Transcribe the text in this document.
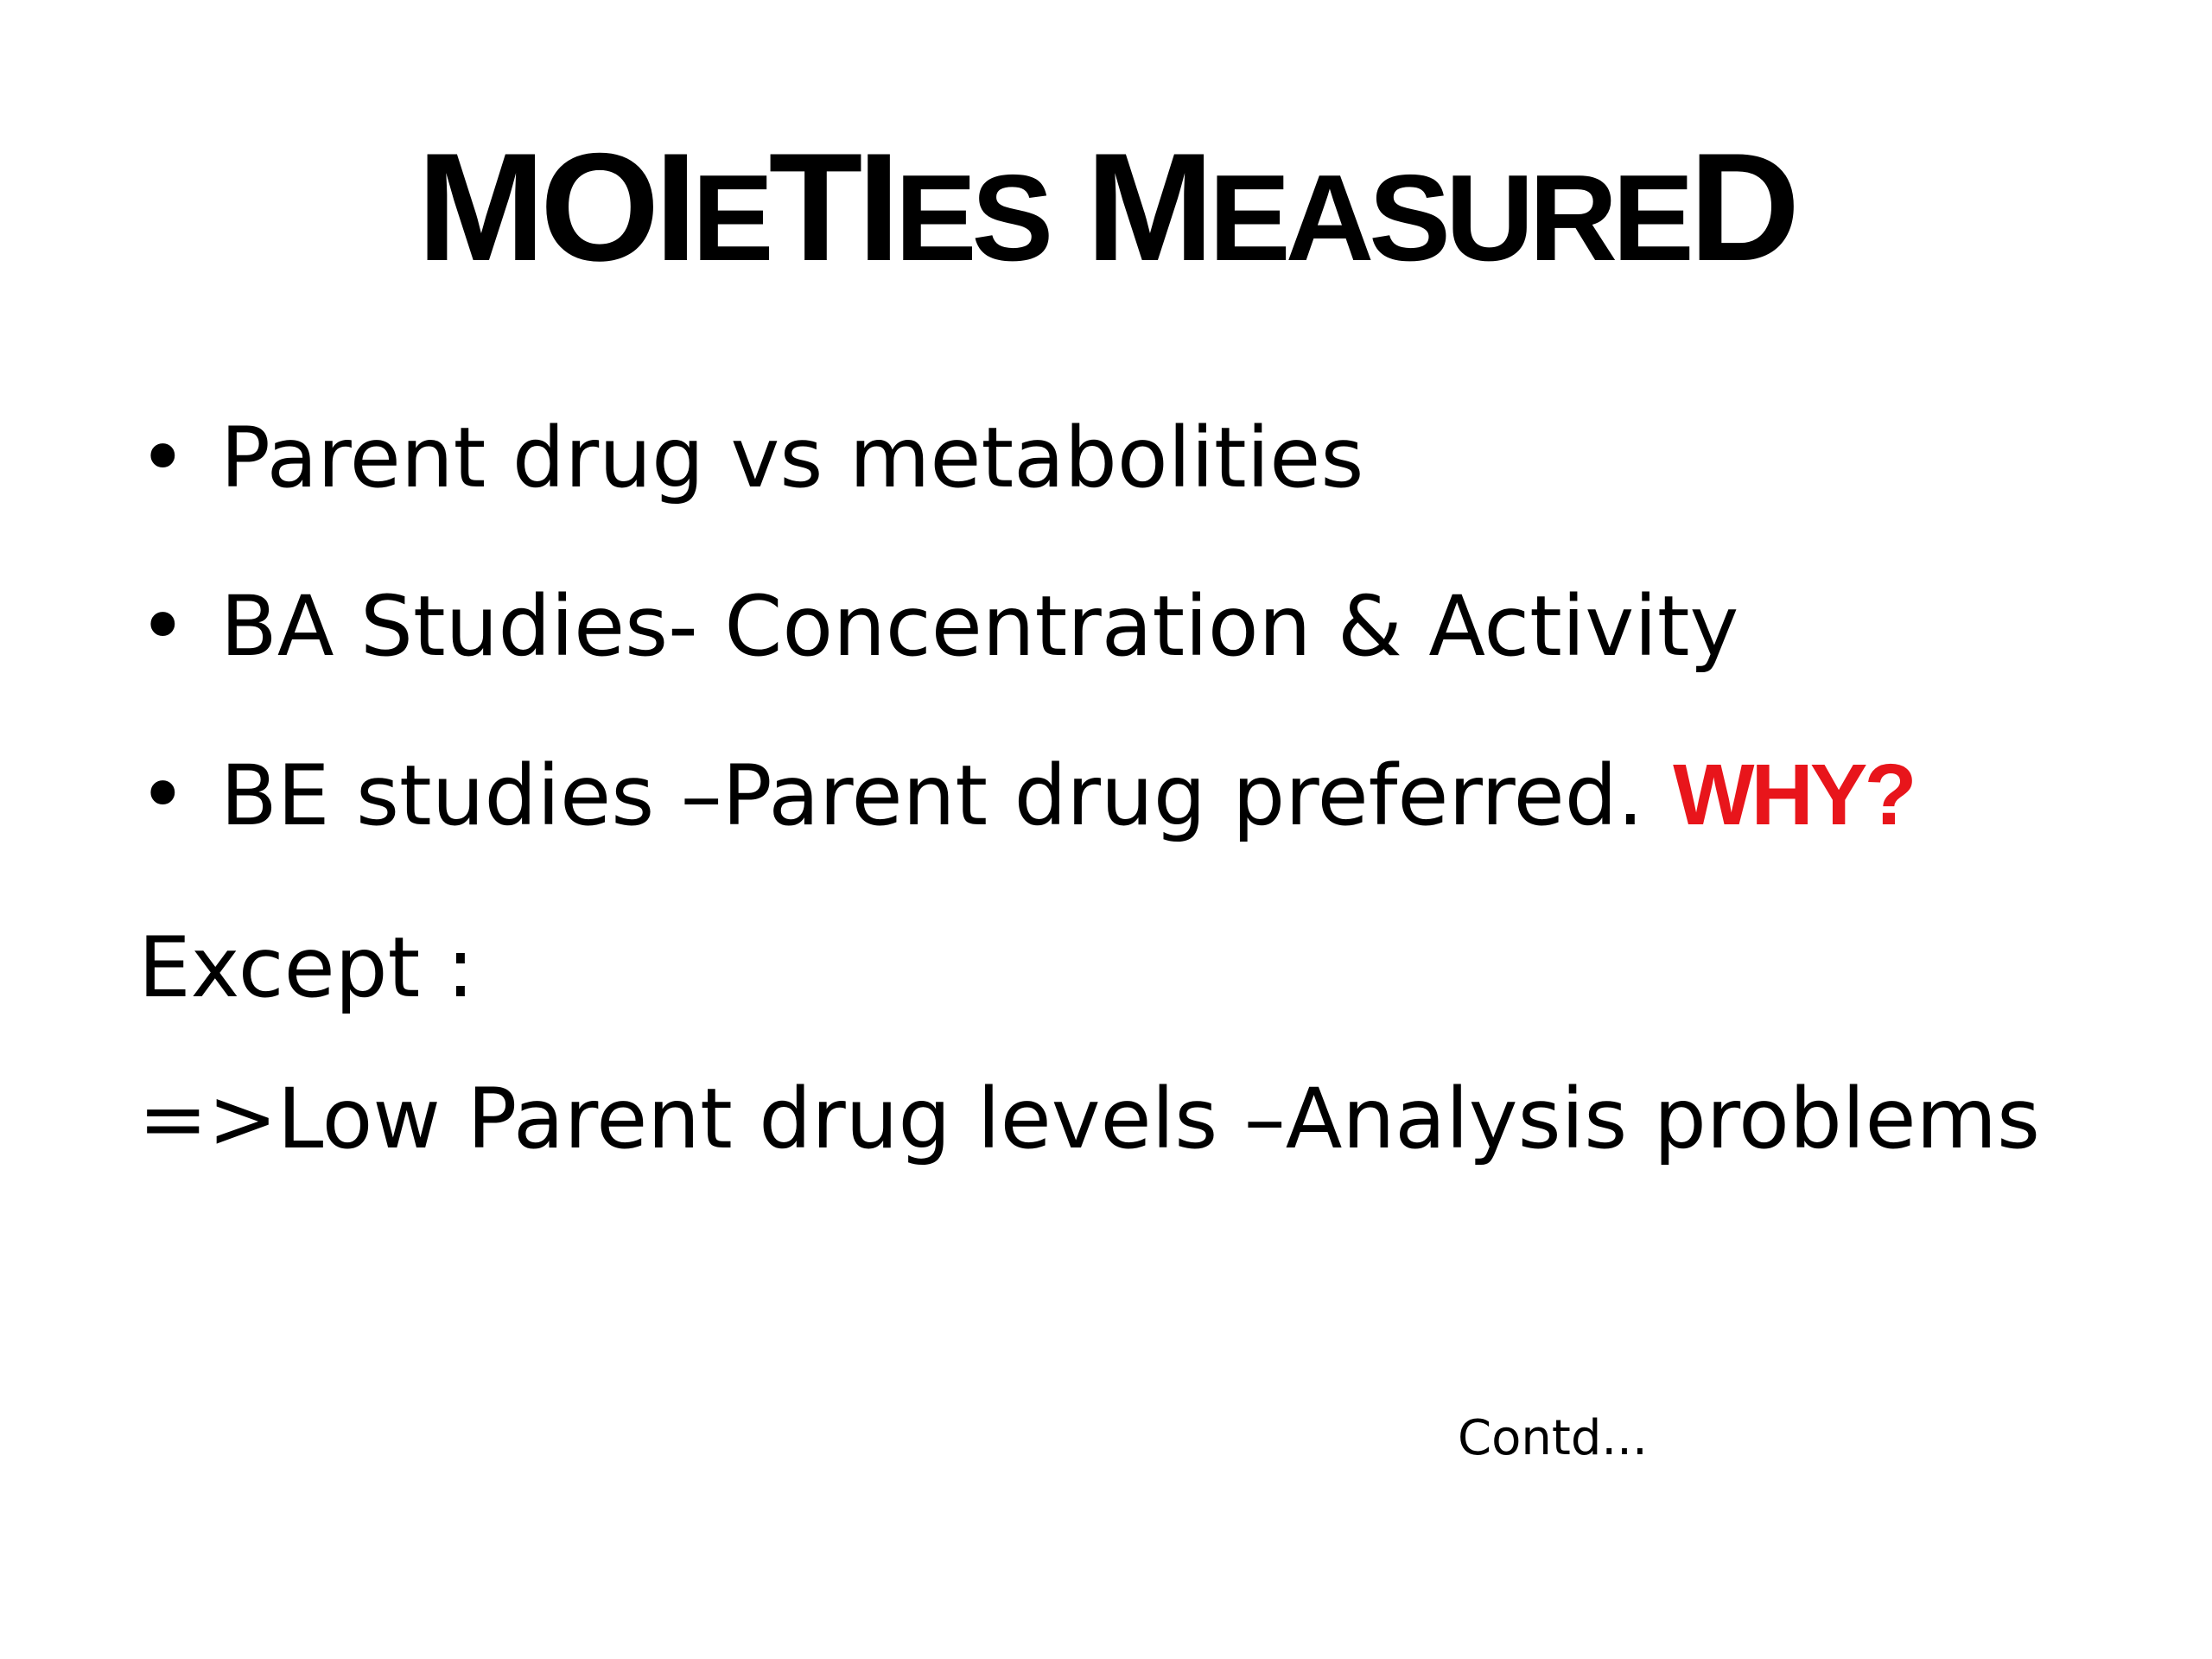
MOIETIES MEASURED
• Parent drug vs metabolities
• BA Studies- Concentration & Activity
• BE studies –Parent drug preferred. WHY?
Except :
=>Low Parent drug levels –Analysis problems
Contd...
